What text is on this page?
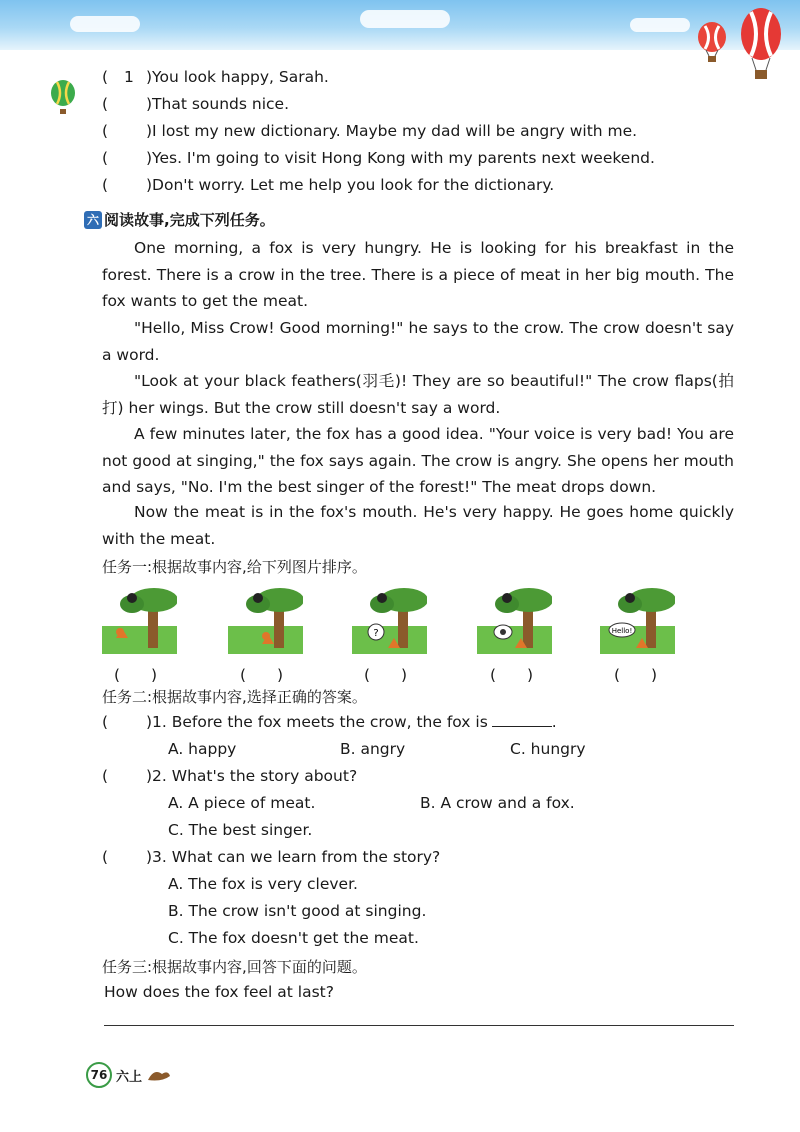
( 1 )You look happy, Sarah.
( )That sounds nice.
( )I lost my new dictionary. Maybe my dad will be angry with me.
( )Yes. I'm going to visit Hong Kong with my parents next weekend.
( )Don't worry. Let me help you look for the dictionary.
六 阅读故事,完成下列任务。
One morning, a fox is very hungry. He is looking for his breakfast in the forest. There is a crow in the tree. There is a piece of meat in her big mouth. The fox wants to get the meat.
"Hello, Miss Crow! Good morning!" he says to the crow. The crow doesn't say a word.
"Look at your black feathers(羽毛)! They are so beautiful!" The crow flaps(拍打) her wings. But the crow still doesn't say a word.
A few minutes later, the fox has a good idea. "Your voice is very bad! You are not good at singing," the fox says again. The crow is angry. She opens her mouth and says, "No. I'm the best singer of the forest!" The meat drops down.
Now the meat is in the fox's mouth. He's very happy. He goes home quickly with the meat.
任务一:根据故事内容,给下列图片排序。
?	Hello!
(　　)	(　　)	(　　)	(　　)	(　　)
任务二:根据故事内容,选择正确的答案。
( )1. Before the fox meets the crow, the fox is	.
A. happy	B. angry	C. hungry
( )2. What's the story about?
A. A piece of meat.	B. A crow and a fox.
C. The best singer.
( )3. What can we learn from the story?
A. The fox is very clever.
B. The crow isn't good at singing.
C. The fox doesn't get the meat.
任务三:根据故事内容,回答下面的问题。
How does the fox feel at last?
76 六上
